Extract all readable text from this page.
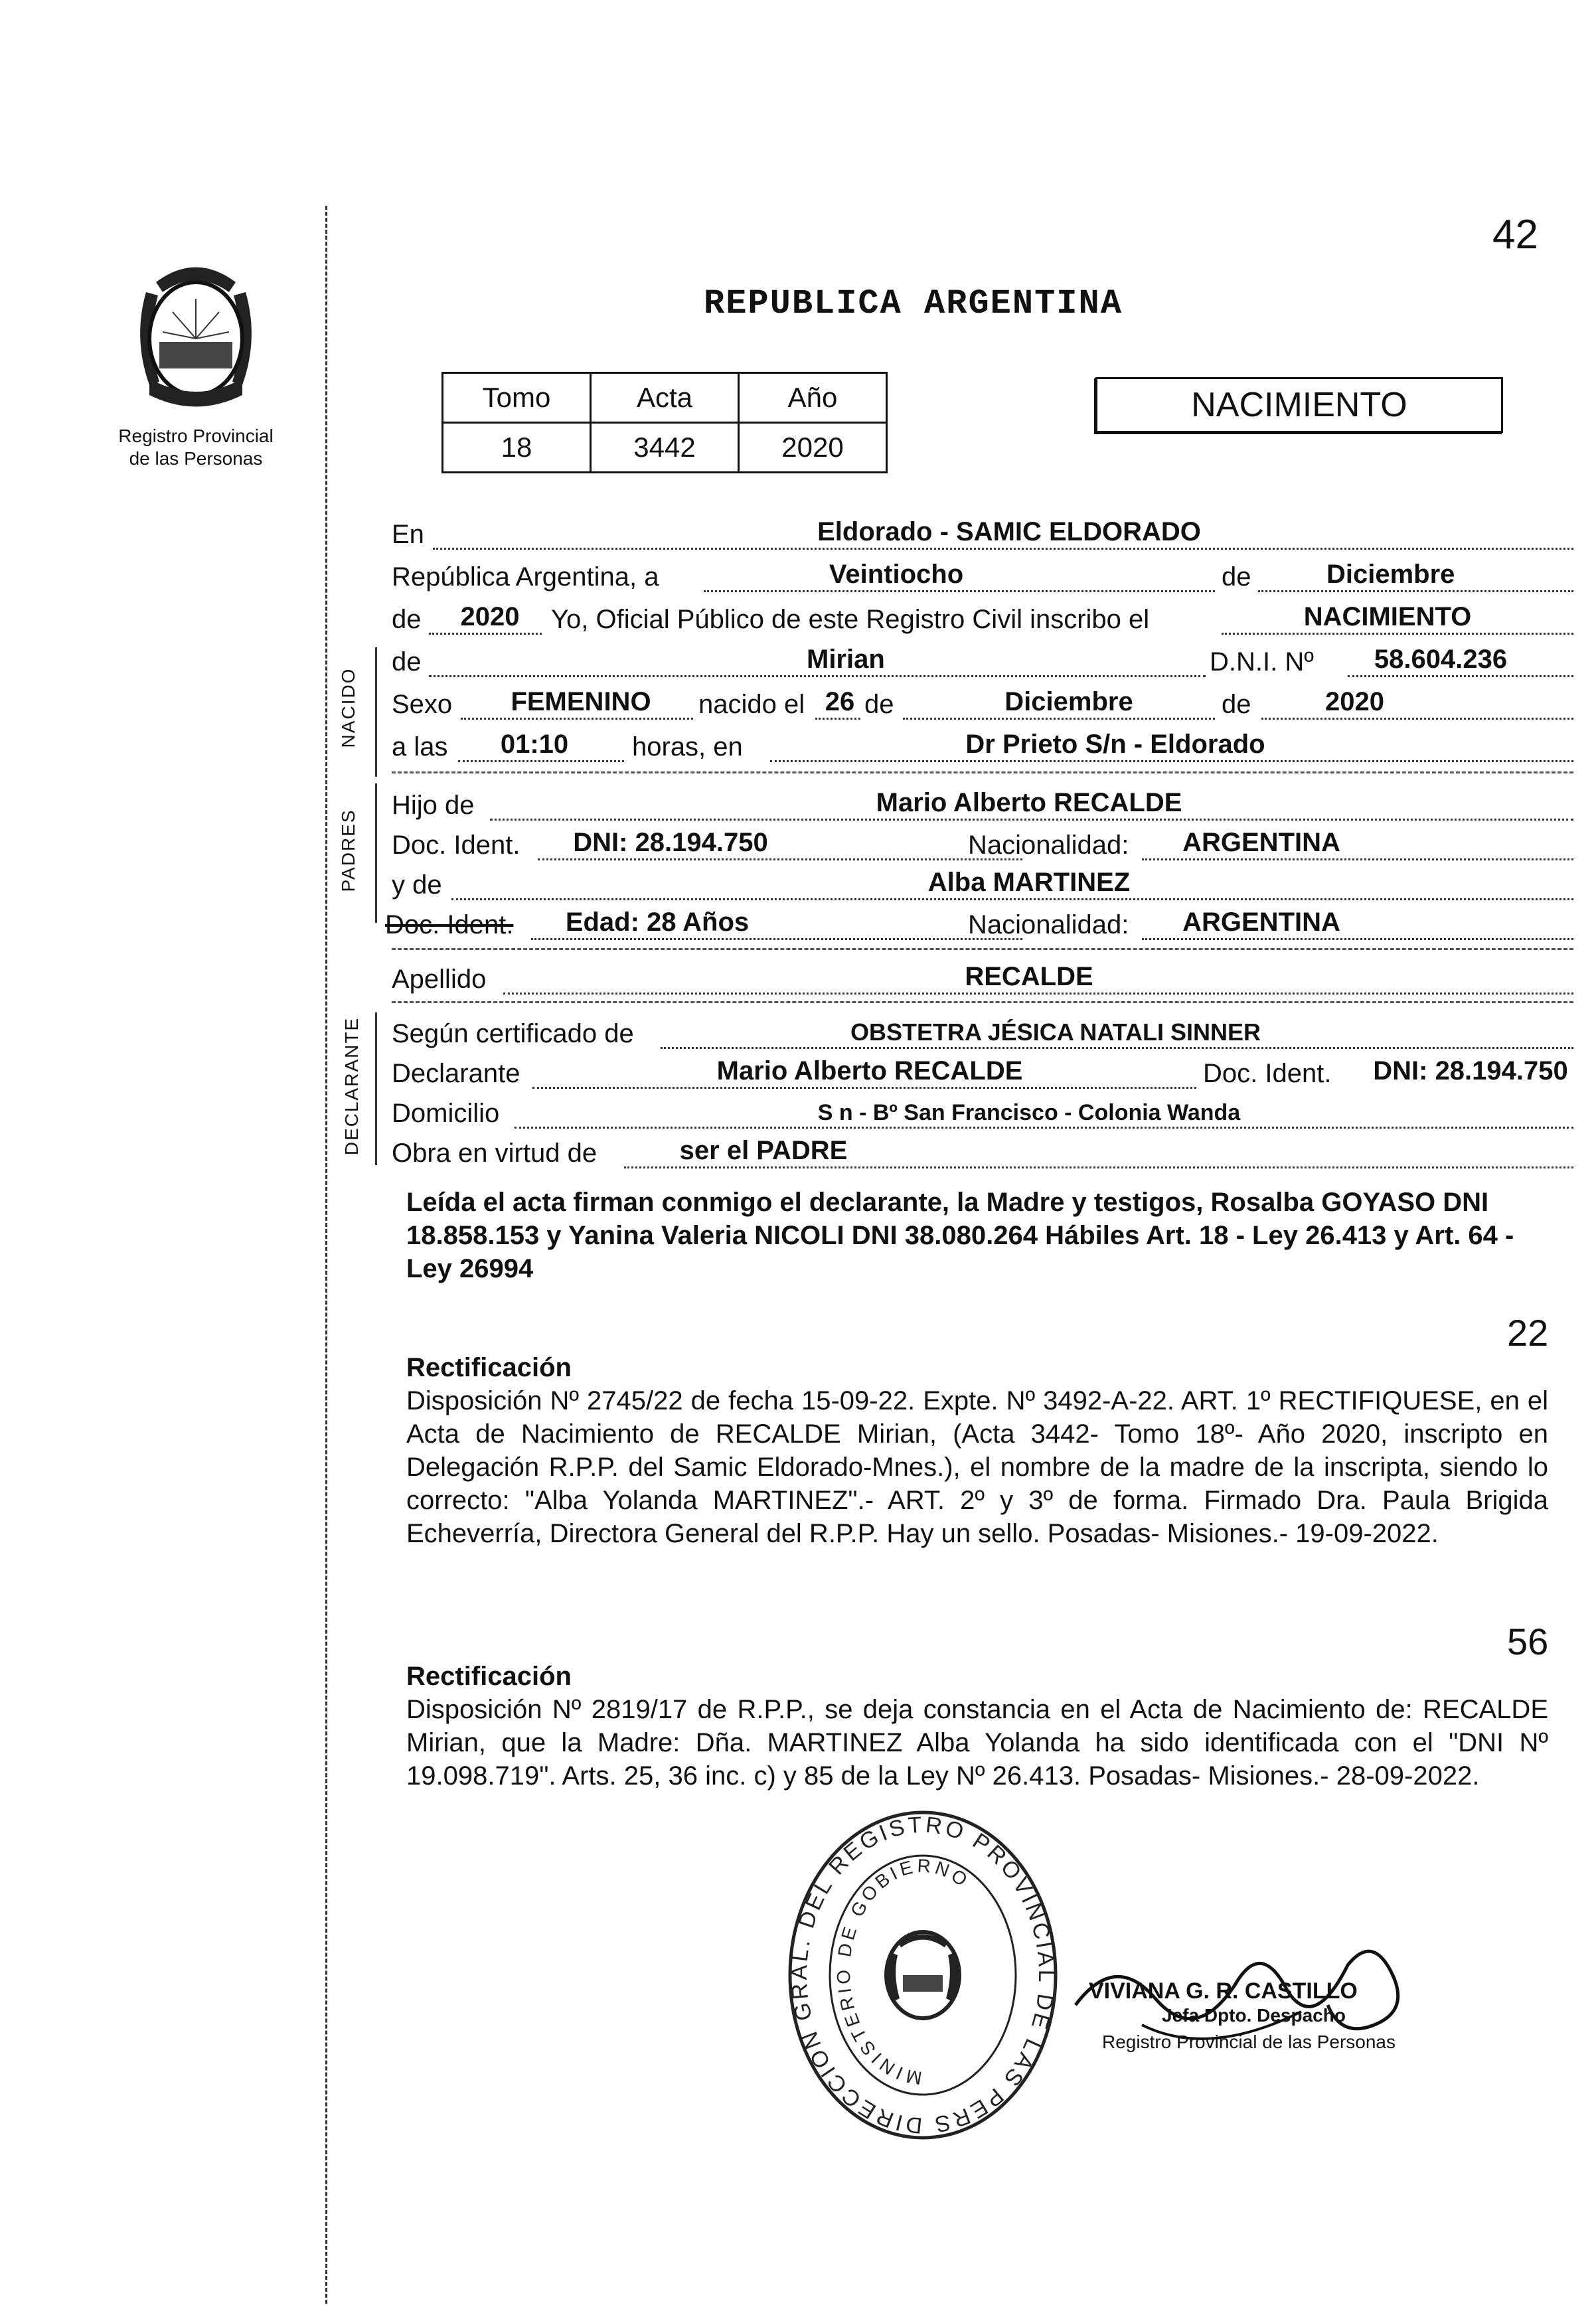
42
Registro Provincial
de las Personas
REPUBLICA ARGENTINA
Tomo	Acta	Año
18	3442	2020
NACIMIENTO
En	Eldorado - SAMIC ELDORADO
República Argentina, a	Veintiocho	de	Diciembre
de 2020 Yo, Oficial Público de este Registro Civil inscribo el	NACIMIENTO
NACIDO
de	Mirian	D.N.I. Nº 58.604.236
Sexo FEMENINO nacido el 26 de	Diciembre	de	2020
a las 01:10 horas, en	Dr Prieto S/n - Eldorado
PADRES
Hijo de	Mario Alberto RECALDE
Doc. Ident. DNI: 28.194.750	Nacionalidad: ARGENTINA
y de	Alba MARTINEZ
Doc. Ident. Edad: 28 Años	Nacionalidad: ARGENTINA
Apellido	RECALDE
DECLARANTE Según certificado de	OBSTETRA JÉSICA NATALI SINNER
Declarante	Mario Alberto RECALDE	Doc. Ident. DNI: 28.194.750
Domicilio	S n - Bº San Francisco - Colonia Wanda
Obra en virtud de	ser el PADRE
Leída el acta firman conmigo el declarante, la Madre y testigos, Rosalba GOYASO DNI 18.858.153 y Yanina Valeria NICOLI DNI 38.080.264 Hábiles Art. 18 - Ley 26.413 y Art. 64 - Ley 26994
22
Rectificación
Disposición Nº 2745/22 de fecha 15-09-22. Expte. Nº 3492-A-22. ART. 1º RECTIFIQUESE, en el Acta de Nacimiento de RECALDE Mirian, (Acta 3442- Tomo 18º- Año 2020, inscripto en Delegación R.P.P. del Samic Eldorado-Mnes.), el nombre de la madre de la inscripta, siendo lo correcto: "Alba Yolanda MARTINEZ".- ART. 2º y 3º de forma. Firmado Dra. Paula Brigida Echeverría, Directora General del R.P.P. Hay un sello. Posadas- Misiones.- 19-09-2022.
56
Rectificación
Disposición Nº 2819/17 de R.P.P., se deja constancia en el Acta de Nacimiento de: RECALDE Mirian, que la Madre: Dña. MARTINEZ Alba Yolanda ha sido identificada con el "DNI Nº 19.098.719". Arts. 25, 36 inc. c) y 85 de la Ley Nº 26.413. Posadas- Misiones.- 28-09-2022.
DIRECCION GRAL. DEL REGISTRO PROVINCIAL DE LAS PERS
MINISTERIO DE GOBIERNO
VIVIANA G. R. CASTILLO
Jefa Dpto. Despacho
Registro Provincial de las Personas
